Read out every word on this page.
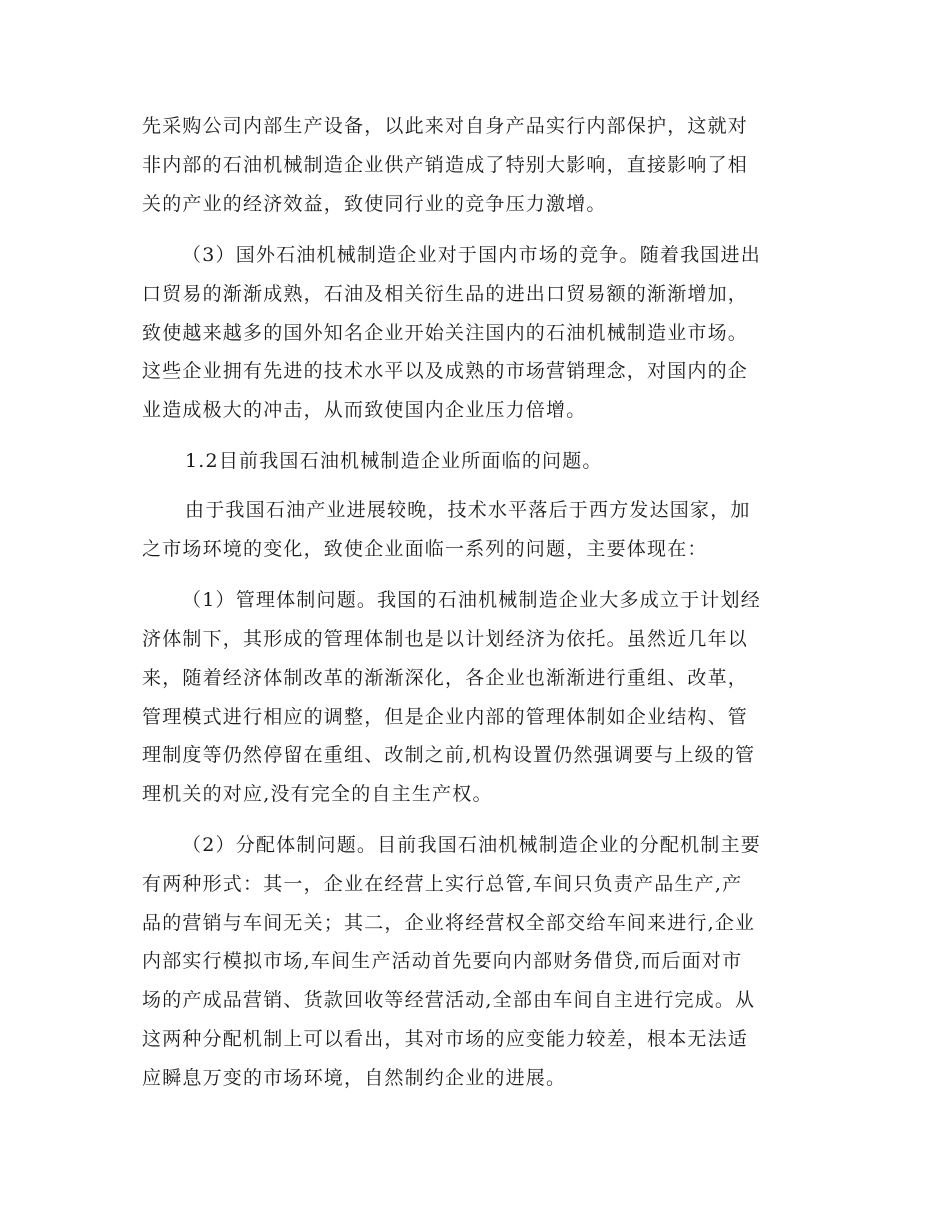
先采购公司内部生产设备，以此来对自身产品实行内部保护，这就对

非内部的石油机械制造企业供产销造成了特别大影响，直接影响了相

关的产业的经济效益，致使同行业的竞争压力激增。

（3）国外石油机械制造企业对于国内市场的竞争。随着我国进出

口贸易的渐渐成熟，石油及相关衍生品的进出口贸易额的渐渐增加，

致使越来越多的国外知名企业开始关注国内的石油机械制造业市场。

这些企业拥有先进的技术水平以及成熟的市场营销理念，对国内的企

业造成极大的冲击，从而致使国内企业压力倍增。

1.2目前我国石油机械制造企业所面临的问题。

由于我国石油产业进展较晚，技术水平落后于西方发达国家，加

之市场环境的变化，致使企业面临一系列的问题，主要体现在：

（1）管理体制问题。我国的石油机械制造企业大多成立于计划经

济体制下，其形成的管理体制也是以计划经济为依托。虽然近几年以

来，随着经济体制改革的渐渐深化，各企业也渐渐进行重组、改革，

管理模式进行相应的调整，但是企业内部的管理体制如企业结构、管

理制度等仍然停留在重组、改制之前,机构设置仍然强调要与上级的管

理机关的对应,没有完全的自主生产权。

（2）分配体制问题。目前我国石油机械制造企业的分配机制主要

有两种形式：其一，企业在经营上实行总管,车间只负责产品生产,产

品的营销与车间无关；其二，企业将经营权全部交给车间来进行,企业

内部实行模拟市场,车间生产活动首先要向内部财务借贷,而后面对市

场的产成品营销、货款回收等经营活动,全部由车间自主进行完成。从

这两种分配机制上可以看出，其对市场的应变能力较差，根本无法适

应瞬息万变的市场环境，自然制约企业的进展。
